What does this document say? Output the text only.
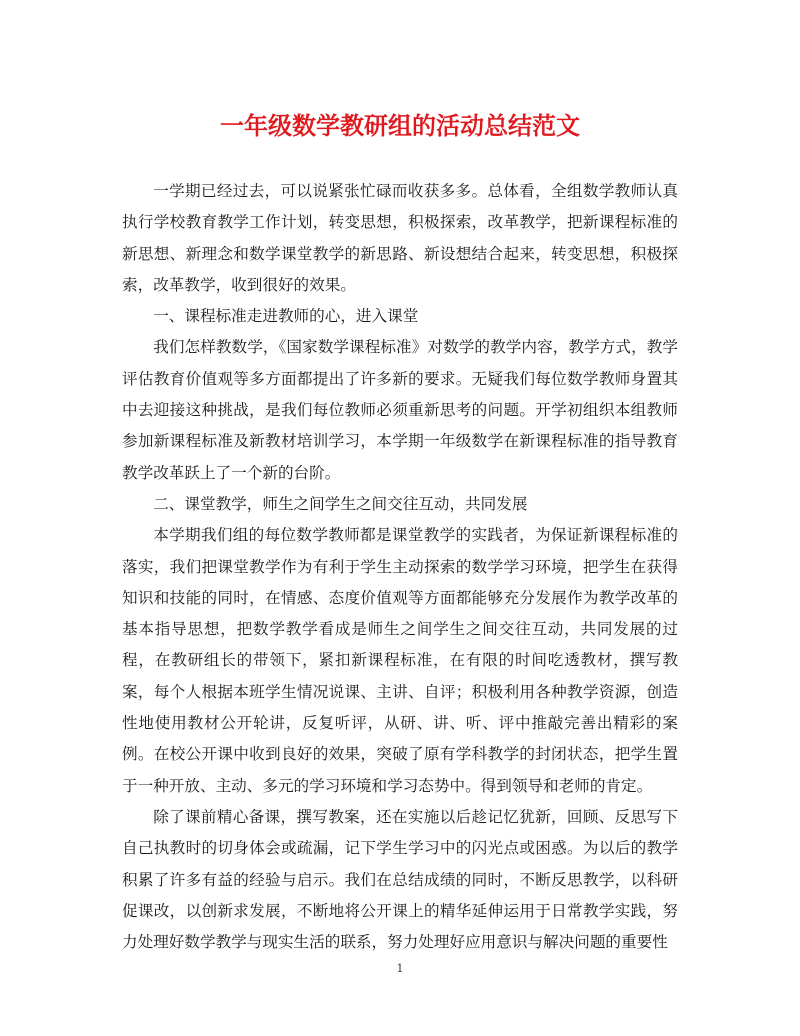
一年级数学教研组的活动总结范文

一学期已经过去，可以说紧张忙碌而收获多多。总体看，全组数学教师认真执行学校教育教学工作计划，转变思想，积极探索，改革教学，把新课程标准的新思想、新理念和数学课堂教学的新思路、新设想结合起来，转变思想，积极探索，改革教学，收到很好的效果。

一、课程标准走进教师的心，进入课堂

我们怎样教数学，《国家数学课程标准》对数学的教学内容，教学方式，教学评估教育价值观等多方面都提出了许多新的要求。无疑我们每位数学教师身置其中去迎接这种挑战，是我们每位教师必须重新思考的问题。开学初组织本组教师参加新课程标准及新教材培训学习，本学期一年级数学在新课程标准的指导教育教学改革跃上了一个新的台阶。

二、课堂教学，师生之间学生之间交往互动，共同发展

本学期我们组的每位数学教师都是课堂教学的实践者，为保证新课程标准的落实，我们把课堂教学作为有利于学生主动探索的数学学习环境，把学生在获得知识和技能的同时，在情感、态度价值观等方面都能够充分发展作为教学改革的基本指导思想，把数学教学看成是师生之间学生之间交往互动，共同发展的过程，在教研组长的带领下，紧扣新课程标准，在有限的时间吃透教材，撰写教案，每个人根据本班学生情况说课、主讲、自评；积极利用各种教学资源，创造性地使用教材公开轮讲，反复听评，从研、讲、听、评中推敲完善出精彩的案例。在校公开课中收到良好的效果，突破了原有学科教学的封闭状态，把学生置于一种开放、主动、多元的学习环境和学习态势中。得到领导和老师的肯定。

除了课前精心备课，撰写教案，还在实施以后趁记忆犹新，回顾、反思写下自己执教时的切身体会或疏漏，记下学生学习中的闪光点或困惑。为以后的教学积累了许多有益的经验与启示。我们在总结成绩的同时，不断反思教学，以科研促课改，以创新求发展，不断地将公开课上的精华延伸运用于日常教学实践，努力处理好数学教学与现实生活的联系，努力处理好应用意识与解决问题的重要性

1
